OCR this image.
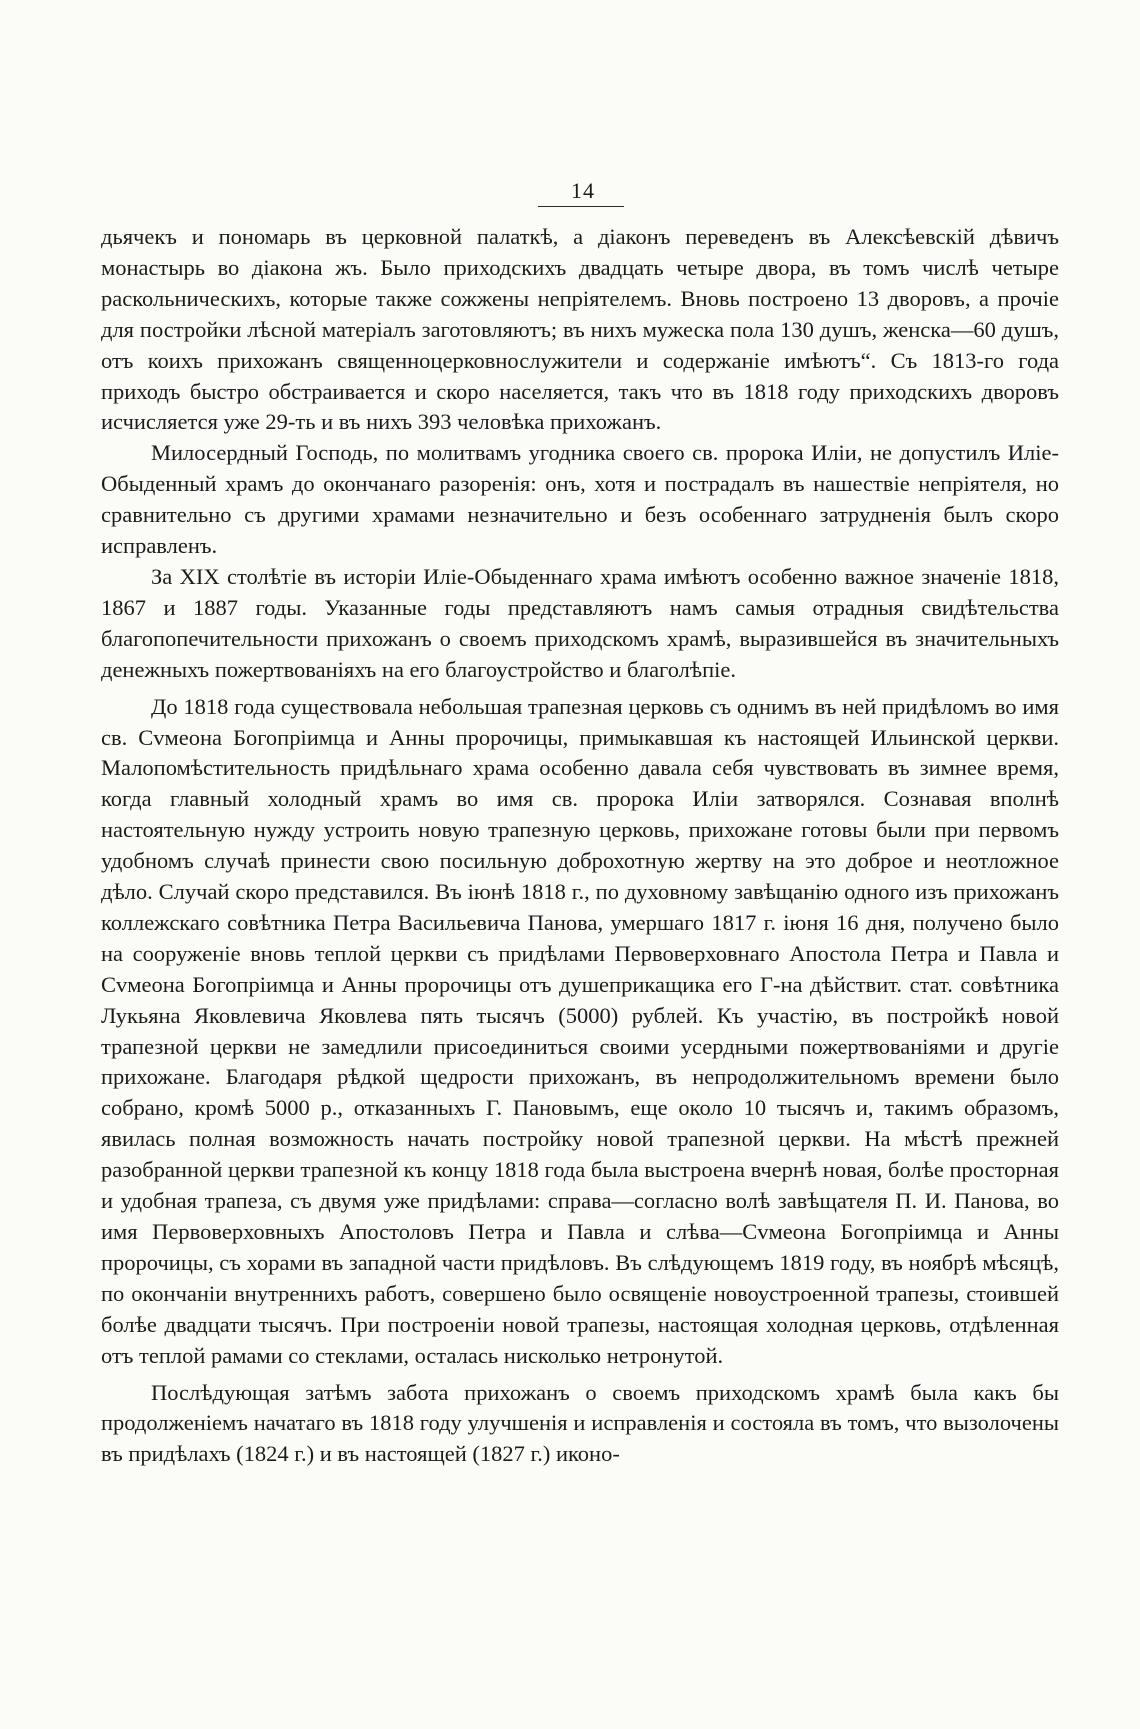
14

дьячекъ и пономарь въ церковной палаткѣ, а діаконъ переведенъ въ Алексѣевскій дѣвичъ монастырь во діакона жъ. Было приходскихъ двадцать четыре двора, въ томъ числѣ четыре раскольническихъ, которые также сожжены непріятелемъ. Вновь построено 13 дворовъ, а прочіе для постройки лѣсной матеріалъ заготовляютъ; въ нихъ мужеска пола 130 душъ, женска—60 душъ, отъ коихъ прихожанъ священноцерковнослужители и содержаніе имѣютъ“. Съ 1813-го года приходъ быстро обстраивается и скоро населяется, такъ что въ 1818 году приходскихъ дворовъ исчисляется уже 29-ть и въ нихъ 393 человѣка прихожанъ.

Милосердный Господь, по молитвамъ угодника своего св. пророка Иліи, не допустилъ Иліе-Обыденный храмъ до окончанаго разоренія: онъ, хотя и пострадалъ въ нашествіе непріятеля, но сравнительно съ другими храмами незначительно и безъ особеннаго затрудненія былъ скоро исправленъ.

За XIX столѣтіе въ исторіи Иліе-Обыденнаго храма имѣютъ особенно важное значеніе 1818, 1867 и 1887 годы. Указанные годы представляютъ намъ самыя отрадныя свидѣтельства благопопечительности прихожанъ о своемъ приходскомъ храмѣ, выразившейся въ значительныхъ денежныхъ пожертвованіяхъ на его благоустройство и благолѣпіе.

До 1818 года существовала небольшая трапезная церковь съ однимъ въ ней придѣломъ во имя св. Сvмеона Богопріимца и Анны пророчицы, примыкавшая къ настоящей Ильинской церкви. Малопомѣстительность придѣльнаго храма особенно давала себя чувствовать въ зимнее время, когда главный холодный храмъ во имя св. пророка Иліи затворялся. Сознавая вполнѣ настоятельную нужду устроить новую трапезную церковь, прихожане готовы были при первомъ удобномъ случаѣ принести свою посильную доброхотную жертву на это доброе и неотложное дѣло. Случай скоро представился. Въ іюнѣ 1818 г., по духовному завѣщанію одного изъ прихожанъ коллежскаго совѣтника Петра Васильевича Панова, умершаго 1817 г. іюня 16 дня, получено было на сооруженіе вновь теплой церкви съ придѣлами Первоверховнаго Апостола Петра и Павла и Сvмеона Богопріимца и Анны пророчицы отъ душеприкащика его Г-на дѣйствит. стат. совѣтника Лукьяна Яковлевича Яковлева пять тысячъ (5000) рублей. Къ участію, въ постройкѣ новой трапезной церкви не замедлили присоединиться своими усердными пожертвованіями и другіе прихожане. Благодаря рѣдкой щедрости прихожанъ, въ непродолжительномъ времени было собрано, кромѣ 5000 р., отказанныхъ Г. Пановымъ, еще около 10 тысячъ и, такимъ образомъ, явилась полная возможность начать постройку новой трапезной церкви. На мѣстѣ прежней разобранной церкви трапезной къ концу 1818 года была выстроена вчернѣ новая, болѣе просторная и удобная трапеза, съ двумя уже придѣлами: справа—согласно волѣ завѣщателя П. И. Панова, во имя Первоверховныхъ Апостоловъ Петра и Павла и слѣва—Сvмеона Богопріимца и Анны пророчицы, съ хорами въ западной части придѣловъ. Въ слѣдующемъ 1819 году, въ ноябрѣ мѣсяцѣ, по окончаніи внутреннихъ работъ, совершено было освященіе новоустроенной трапезы, стоившей болѣе двадцати тысячъ. При построеніи новой трапезы, настоящая холодная церковь, отдѣленная отъ теплой рамами со стеклами, осталась нисколько нетронутой.

Послѣдующая затѣмъ забота прихожанъ о своемъ приходскомъ храмѣ была какъ бы продолженіемъ начатаго въ 1818 году улучшенія и исправленія и состояла въ томъ, что вызолочены въ придѣлахъ (1824 г.) и въ настоящей (1827 г.) иконо-
